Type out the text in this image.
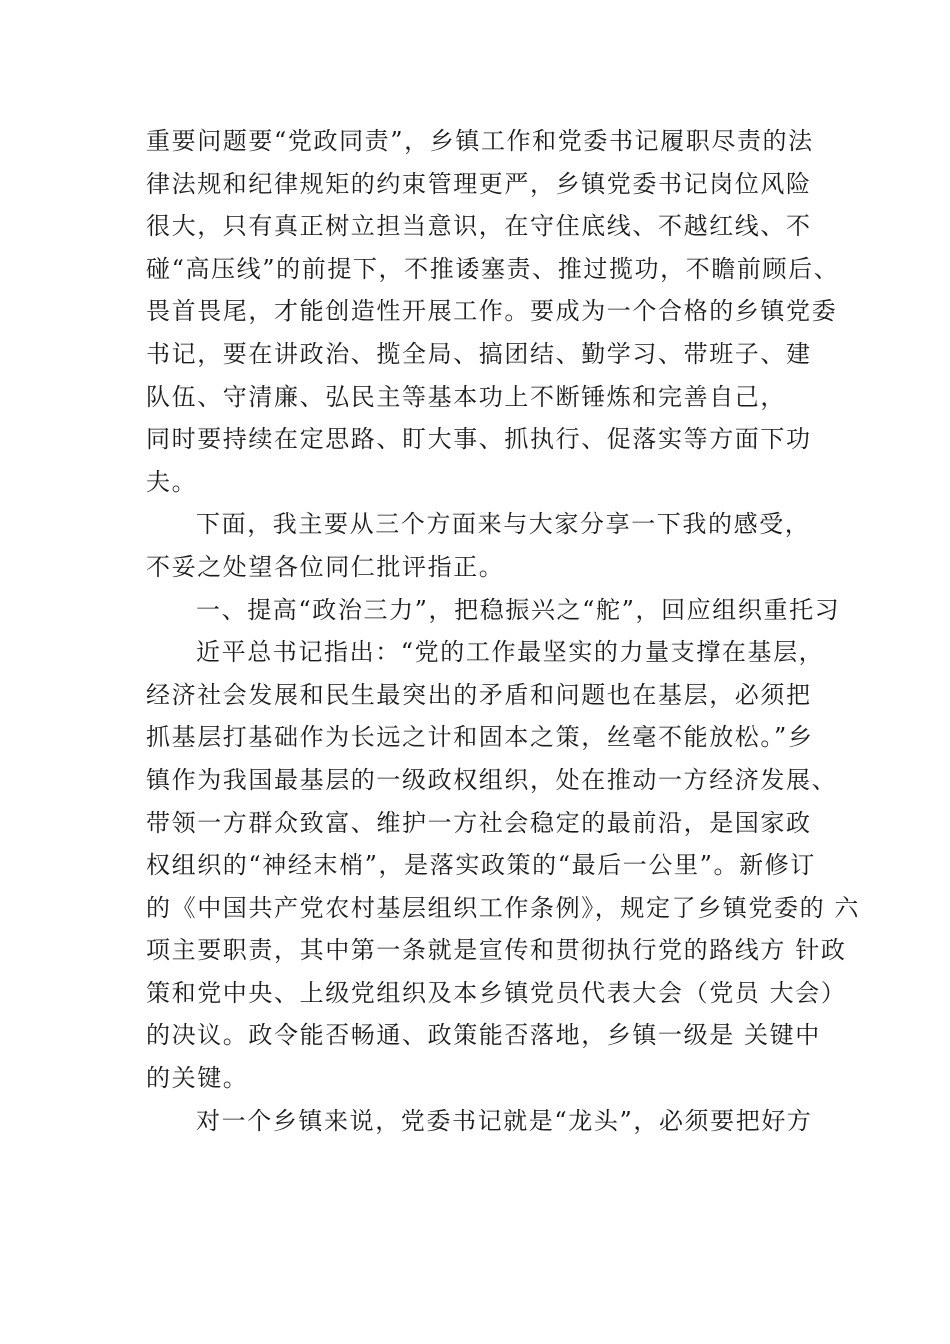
重要问题要“党政同责”，乡镇工作和党委书记履职尽责的法
律法规和纪律规矩的约束管理更严，乡镇党委书记岗位风险
很大，只有真正树立担当意识，在守住底线、不越红线、不
碰“高压线”的前提下，不推诿塞责、推过揽功，不瞻前顾后、
畏首畏尾，才能创造性开展工作。要成为一个合格的乡镇党委
书记，要在讲政治、揽全局、搞团结、勤学习、带班子、建
队伍、守清廉、弘民主等基本功上不断锤炼和完善自己，
同时要持续在定思路、盯大事、抓执行、促落实等方面下功
夫。
下面，我主要从三个方面来与大家分享一下我的感受，
不妥之处望各位同仁批评指正。
一、提高“政治三力”，把稳振兴之“舵”，回应组织重托习
近平总书记指出：“党的工作最坚实的力量支撑在基层，
经济社会发展和民生最突出的矛盾和问题也在基层，必须把
抓基层打基础作为长远之计和固本之策，丝毫不能放松。”乡
镇作为我国最基层的一级政权组织，处在推动一方经济发展、
带领一方群众致富、维护一方社会稳定的最前沿，是国家政
权组织的“神经末梢”，是落实政策的“最后一公里”。新修订
的《中国共产党农村基层组织工作条例》，规定了乡镇党委的 六
项主要职责，其中第一条就是宣传和贯彻执行党的路线方 针政
策和党中央、上级党组织及本乡镇党员代表大会（党员 大会）
的决议。政令能否畅通、政策能否落地，乡镇一级是 关键中
的关键。
对一个乡镇来说，党委书记就是“龙头”，必须要把好方
